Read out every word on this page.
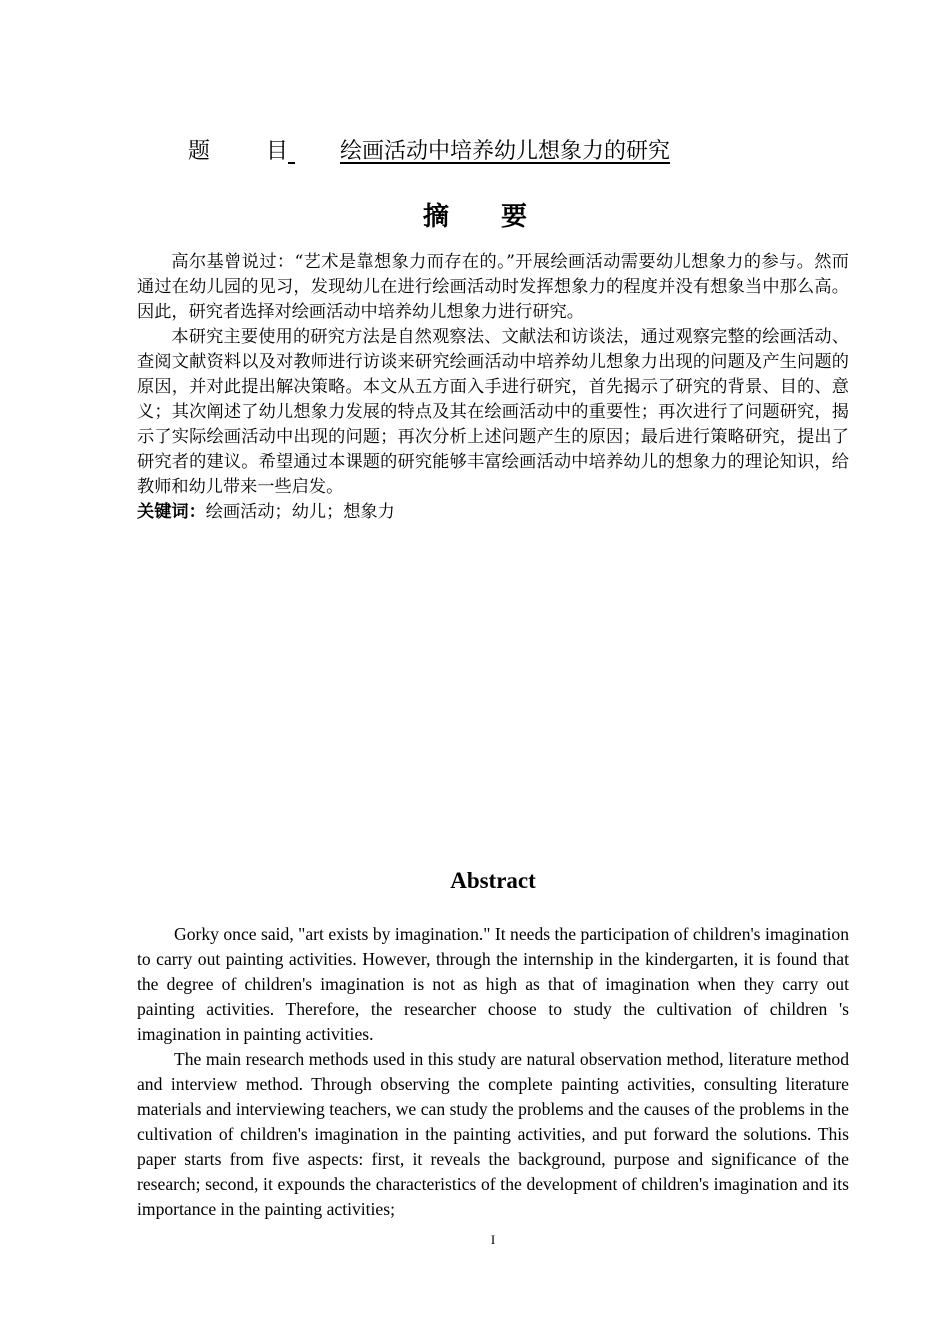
题	目 绘画活动中培养幼儿想象力的研究
摘要

高尔基曾说过：“艺术是靠想象力而存在的。”开展绘画活动需要幼儿想象力的参与。然而通过在幼儿园的见习，发现幼儿在进行绘画活动时发挥想象力的程度并没有想象当中那么高。因此，研究者选择对绘画活动中培养幼儿想象力进行研究。

本研究主要使用的研究方法是自然观察法、文献法和访谈法，通过观察完整的绘画活动、查阅文献资料以及对教师进行访谈来研究绘画活动中培养幼儿想象力出现的问题及产生问题的原因，并对此提出解决策略。本文从五方面入手进行研究，首先揭示了研究的背景、目的、意义；其次阐述了幼儿想象力发展的特点及其在绘画活动中的重要性；再次进行了问题研究，揭示了实际绘画活动中出现的问题；再次分析上述问题产生的原因；最后进行策略研究，提出了研究者的建议。希望通过本课题的研究能够丰富绘画活动中培养幼儿的想象力的理论知识，给教师和幼儿带来一些启发。

关键词：绘画活动；幼儿；想象力
Abstract

Gorky once said, "art exists by imagination." It needs the participation of children's imagination to carry out painting activities. However, through the internship in the kindergarten, it is found that the degree of children's imagination is not as high as that of imagination when they carry out painting activities. Therefore, the researcher choose to study the cultivation of children 's imagination in painting activities.

The main research methods used in this study are natural observation method, literature method and interview method. Through observing the complete painting activities, consulting literature materials and interviewing teachers, we can study the problems and the causes of the problems in the cultivation of children's imagination in the painting activities, and put forward the solutions. This paper starts from five aspects: first, it reveals the background, purpose and significance of the research; second, it expounds the characteristics of the development of children's imagination and its importance in the painting activities;

I
